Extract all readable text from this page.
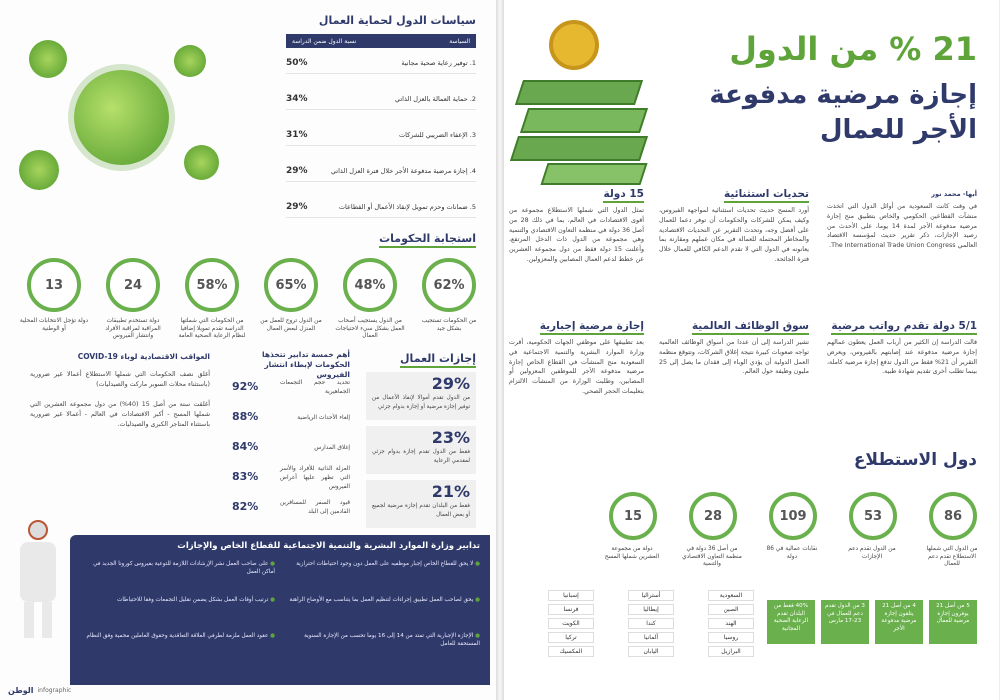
21 % من الدول
إجازة مرضية مدفوعة
الأجر للعمال
أبها- محمد نور
في وقت كانت السعودية من أوائل الدول التي اتخذت منشآت القطاعين الحكومي والخاص بتطبيق منح إجازة مرضية مدفوعة الأجر لمدة 14 يوما، على الأحدث من رصيد الإجازات، ذكر تقرير حديث لمؤسسة الاقتصاد العالمي The International Trade Union Congress.
تحديات استثنائية
أورد المسح حديث تحديات استثنائية لمواجهة الفيروس، وكيف يمكن للشركات والحكومات أن توفر دعما للعمال على أفضل وجه، وتحدث التقرير عن التحديات الاقتصادية والمخاطر المحتملة للعمالة في مكان عملهم ومقارنة بما يعانونه في الدول التي لا تقدم الدعم الكافي للعمال خلال فترة الجائحة.
15 دولة
تمثل الدول التي شملها الاستطلاع مجموعة من أقوى الاقتصادات في العالم، بما في ذلك 28 من أصل 36 دولة في منظمة التعاون الاقتصادي والتنمية وهي مجموعة من الدول ذات الدخل المرتفع، وأعلنت 15 دولة فقط من دول مجموعة العشرين عن خطط لدعم العمال المصابين والمعزولين.
5/1 دولة تقدم رواتب مرضية
قالت الدراسة إن الكثير من أرباب العمل يعطون عمالهم إجازة مرضية مدفوعة عند إصابتهم بالفيروس، ويعرض التقرير أن 21% فقط من الدول تدفع إجازة مرضية كاملة، بينما تطلب أخرى تقديم شهادة طبية.
سوق الوظائف العالمية
تشير الدراسة إلى أن عددا من أسواق الوظائف العالمية تواجه صعوبات كبيرة نتيجة إغلاق الشركات، وتتوقع منظمة العمل الدولية أن يؤدي الوباء إلى فقدان ما يصل إلى 25 مليون وظيفة حول العالم.
إجازة مرضية إجبارية
بعد تطبيقها على موظفي الجهات الحكومية، أقرت وزارة الموارد البشرية والتنمية الاجتماعية في السعودية منح المنشآت في القطاع الخاص إجازة مرضية مدفوعة الأجر للموظفين المعزولين أو المصابين، وطلبت الوزارة من المنشآت الالتزام بتعليمات الحجر الصحي.
دول الاستطلاع
86
من الدول التي شملها الاستطلاع تقدم دعم للعمال
53
من الدول تقدم دعم الإجازات
109
نقابات عمالية في 86 دولة
28
من أصل 36 دولة في منظمة التعاون الاقتصادي والتنمية
15
دولة من مجموعة العشرين شملها المسح
5 من أصل 21 يوفرون إجازة مرضية للعمال
4 من أصل 21 يتلقون إجازة مرضية مدفوعة الأجر
3 من الدول تقدم دعم للعمال في 23-17 مارس
40% فقط من البلدان تقدم الرعاية الصحية المجانية
السعودية
الصين
الهند
روسيا
البرازيل
أستراليا
إيطاليا
كندا
ألمانيا
اليابان
إسبانيا
فرنسا
الكويت
تركيا
المكسيك
سياسات الدول لحماية العمال
السياسة
نسبة الدول ضمن الدراسة
1. توفير رعاية صحية مجانية
50%
2. حماية العمالة بالعزل الذاتي
34%
3. الإعفاء الضريبي للشركات
31%
4. إجازة مرضية مدفوعة الأجر خلال فترة العزل الذاتي
29%
5. ضمانات وحزم تمويل لإنقاذ الأعمال أو القطاعات
29%
استجابة الحكومات
62%
من الحكومات تستجيب بشكل جيد
48%
من الدول يستجيب أصحاب العمل بشكل سيء لاحتياجات العمال
65%
من الدول تروج للعمل من المنزل لبعض العمال
58%
من الحكومات التي شملتها الدراسة تقدم تمويلا إضافيا لنظام الرعاية الصحية العامة
24
دولة تستخدم تطبيقات المراقبة لمراقبة الأفراد وانتشار الفيروس
13
دولة تؤجل الانتخابات المحلية أو الوطنية
إجازات العمال
29%
من الدول تقدم أموالا لإنفاذ الأعمال من توفير إجازة مرضية أو إجازة بدوام جزئي
23%
فقط من الدول تقدم إجازة بدوام جزئي لمقدمي الرعاية
21%
فقط من البلدان تقدم إجازة مرضية لجميع أو بعض العمال
أهم خمسة تدابير تتخذها الحكومات لإبطاء انتشار الفيروس
92%	تحديد حجم التجمعات الجماهيرية
88%	إلغاء الأحداث الرياضية
84%	إغلاق المدارس
83%
العزلة الذاتية للأفراد والأسر التي تظهر عليها أعراض الفيروس
82%	قيود السفر للمسافرين القادمين إلى البلد
العواقب الاقتصادية لوباء COVID-19
أغلق نصف الحكومات التي شملها الاستطلاع أعمالا غير ضرورية (باستثناء محلات السوبر ماركت والصيدليات)
أغلقت ستة من أصل 15 (40%) من دول مجموعة العشرين التي شملها المسح - أكبر الاقتصادات في العالم - أعمالا غير ضرورية باستثناء المتاجر الكبرى والصيدليات.
تدابير وزارة الموارد البشرية والتنمية الاجتماعية للقطاع الخاص والإجازات
● لا يحق للقطاع الخاص إجبار موظفيه على العمل دون وجود احتياطات احترازية
● يحق لصاحب العمل تطبيق إجراءات لتنظيم العمل بما يتناسب مع الأوضاع الراهنة
● الإجازة الإجبارية التي تمتد من 14 إلى 16 يوما تحسب من الإجازة السنوية المستحقة للعامل
● على صاحب العمل نشر الإرشادات اللازمة للتوعية بفيروس كورونا الجديد في أماكن العمل
● ترتيب أوقات العمل بشكل يضمن تقليل التجمعات وفقا للاحتياطات
● عقود العمل ملزمة لطرفي العلاقة التعاقدية وحقوق العاملين محمية وفق النظام
الوطن infographic
